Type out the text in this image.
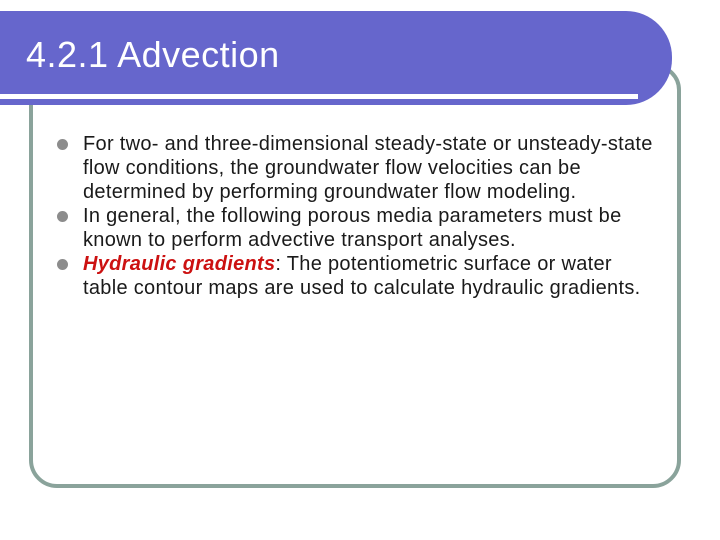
4.2.1 Advection
For two- and three-dimensional steady-state or unsteady-state flow conditions, the groundwater flow velocities can be determined by performing groundwater flow modeling.
In general, the following porous media parameters must be known to perform advective transport analyses.
Hydraulic gradients: The potentiometric surface or water table contour maps are used to calculate hydraulic gradients.
